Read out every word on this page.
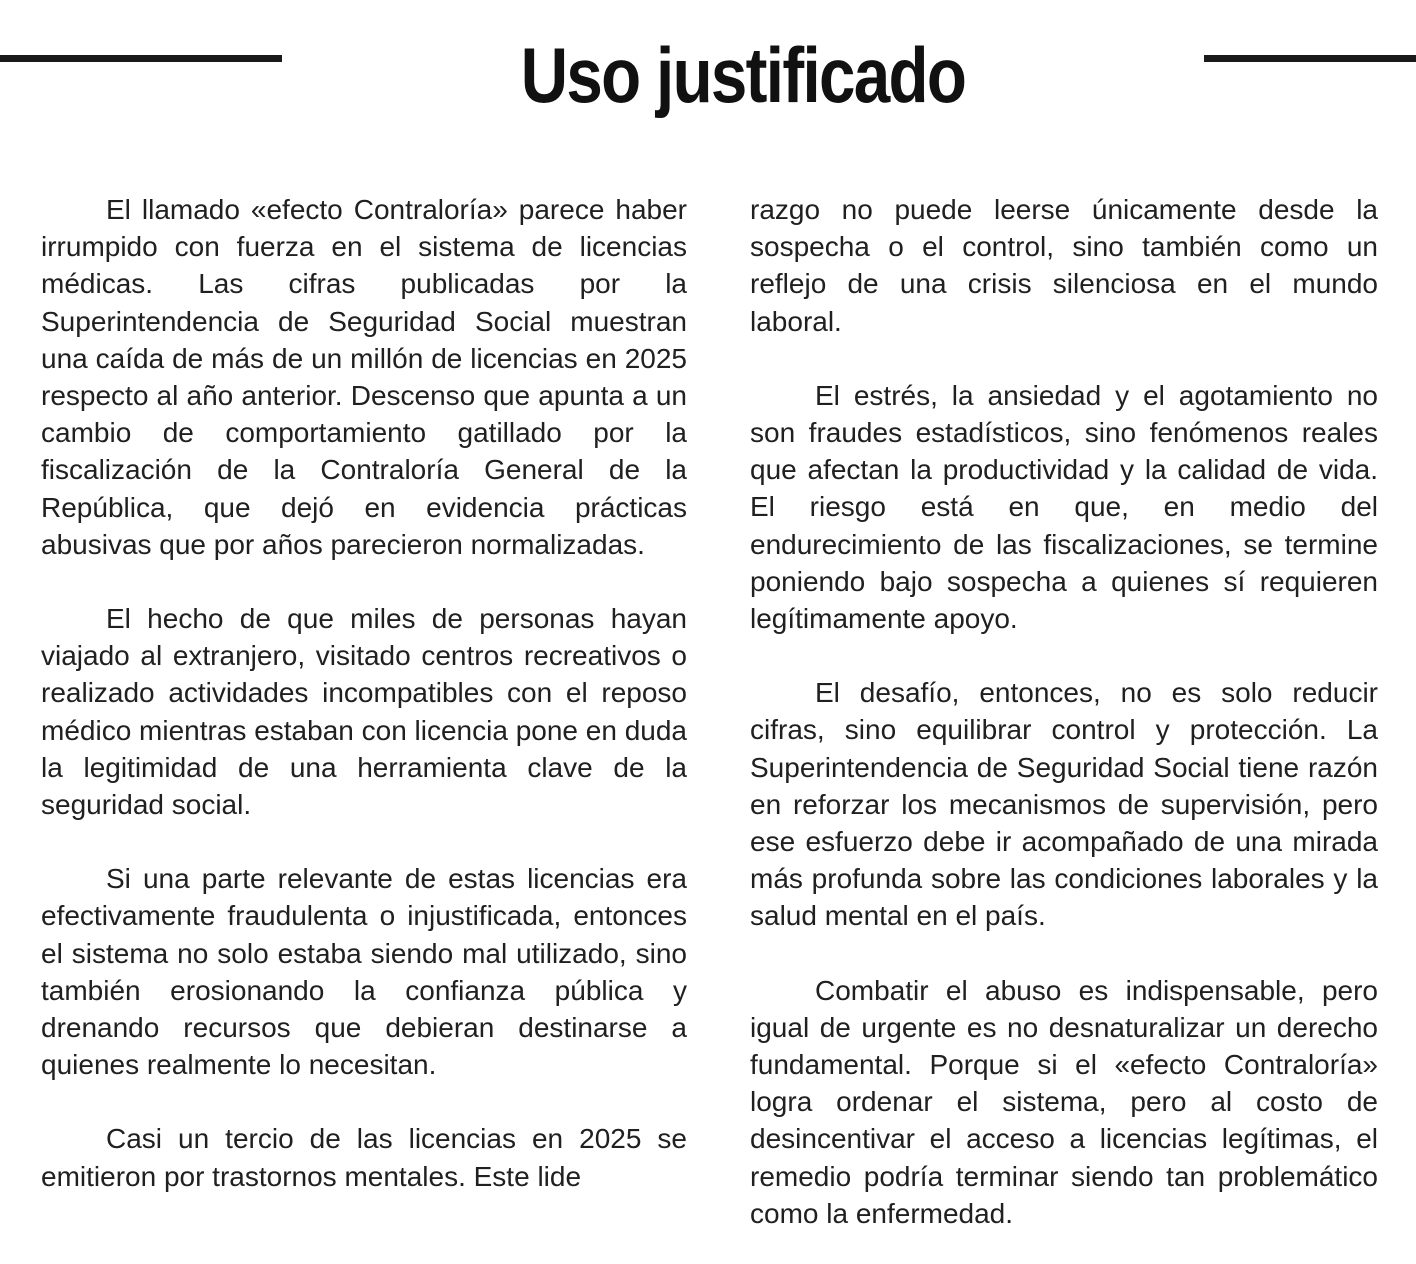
Uso justificado

El llamado «efecto Contraloría» parece haber irrumpido con fuerza en el sistema de licencias médicas. Las cifras publicadas por la Superintendencia de Seguridad Social muestran una caída de más de un millón de licencias en 2025 respecto al año anterior. Descenso que apunta a un cambio de comportamiento gatillado por la fiscalización de la Contraloría General de la República, que dejó en evidencia prácticas abusivas que por años parecieron normalizadas.

El hecho de que miles de personas hayan viajado al extranjero, visitado centros recreativos o realizado actividades incompatibles con el reposo médico mientras estaban con licencia pone en duda la legitimidad de una herramienta clave de la seguridad social.

Si una parte relevante de estas licencias era efectivamente fraudulenta o injustificada, entonces el sistema no solo estaba siendo mal utilizado, sino también erosionando la confianza pública y drenando recursos que debieran destinarse a quienes realmente lo necesitan.

Casi un tercio de las licencias en 2025 se emitieron por trastornos mentales. Este lide

razgo no puede leerse únicamente desde la sospecha o el control, sino también como un reflejo de una crisis silenciosa en el mundo laboral.

El estrés, la ansiedad y el agotamiento no son fraudes estadísticos, sino fenómenos reales que afectan la productividad y la calidad de vida. El riesgo está en que, en medio del endurecimiento de las fiscalizaciones, se termine poniendo bajo sospecha a quienes sí requieren legítimamente apoyo.

El desafío, entonces, no es solo reducir cifras, sino equilibrar control y protección. La Superintendencia de Seguridad Social tiene razón en reforzar los mecanismos de supervisión, pero ese esfuerzo debe ir acompañado de una mirada más profunda sobre las condiciones laborales y la salud mental en el país.

Combatir el abuso es indispensable, pero igual de urgente es no desnaturalizar un derecho fundamental. Porque si el «efecto Contraloría» logra ordenar el sistema, pero al costo de desincentivar el acceso a licencias legítimas, el remedio podría terminar siendo tan problemático como la enfermedad.
